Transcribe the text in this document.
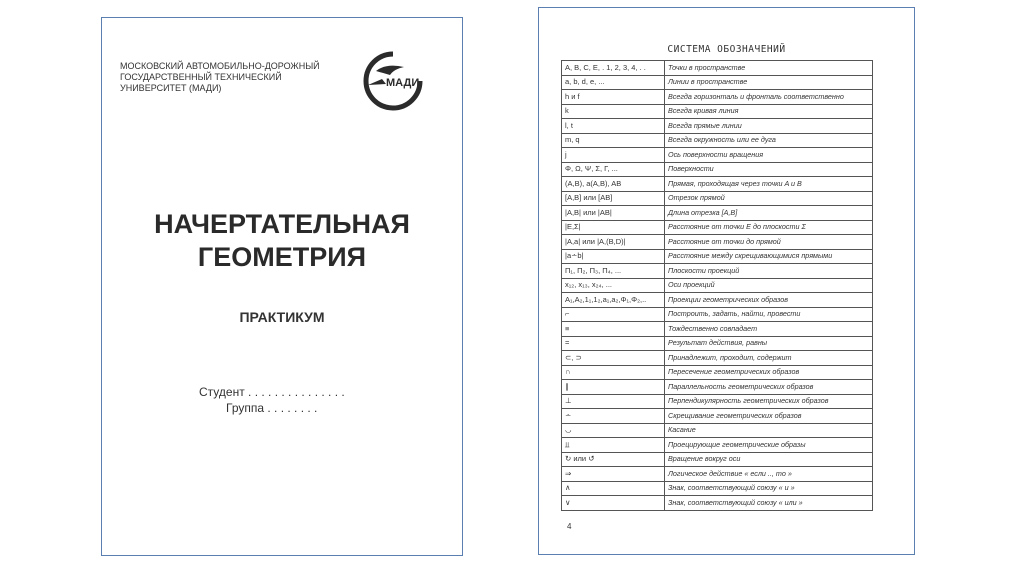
МОСКОВСКИЙ АВТОМОБИЛЬНО-ДОРОЖНЫЙ
ГОСУДАРСТВЕННЫЙ ТЕХНИЧЕСКИЙ
УНИВЕРСИТЕТ (МАДИ)	МАДИ
НАЧЕРТАТЕЛЬНАЯ
ГЕОМЕТРИЯ
ПРАКТИКУМ
Студент . . . . . . . . . . . . . . .
Группа . . . . . . . .
СИСТЕМА ОБОЗНАЧЕНИЙ
A, B, C, E, . 1, 2, 3, 4, . .	Точки в пространстве
a, b, d, e, ...	Линии в пространстве
h и f	Всегда горизонталь и фронталь соответственно
k	Всегда кривая линия
l, t	Всегда прямые линии
m, q	Всегда окружность или ее дуга
j	Ось поверхности вращения
Φ, Ω, Ψ, Σ, Γ, ...	Поверхности
(A,B), a(A,B), AB	Прямая, проходящая через точки A и B
[A,B] или [AB]	Отрезок прямой
|A,B| или |AB|	Длина отрезка [A,B]
|E,Σ|	Расстояние от точки E до плоскости Σ
|A,a| или |A,(B,D)|	Расстояние от точки до прямой
|a∸b|	Расстояние между скрещивающимися прямыми
Π₁, Π₂, Π₃, Π₄, ...	Плоскости проекций
x₁₂, x₁₃, x₂₄, ...	Оси проекций
A₁,A₂,1₁,1₂,a₁,a₂,Φ₁,Φ₂,..	Проекции геометрических образов
⌐	Построить, задать, найти, провести
≡	Тождественно совпадает
=	Результат действия, равны
⊂, ⊃	Принадлежит, проходит, содержит
∩	Пересечение геометрических образов
∥	Параллельность геометрических образов
⊥	Перпендикулярность геометрических образов
∸	Скрещивание геометрических образов
◡	Касание
⫫	Проецирующие геометрические образы
↻ или ↺	Вращение вокруг оси
⇒	Логическое действие « если .., то »
∧	Знак, соответствующий союзу « и »
∨	Знак, соответствующий союзу « или »
4
